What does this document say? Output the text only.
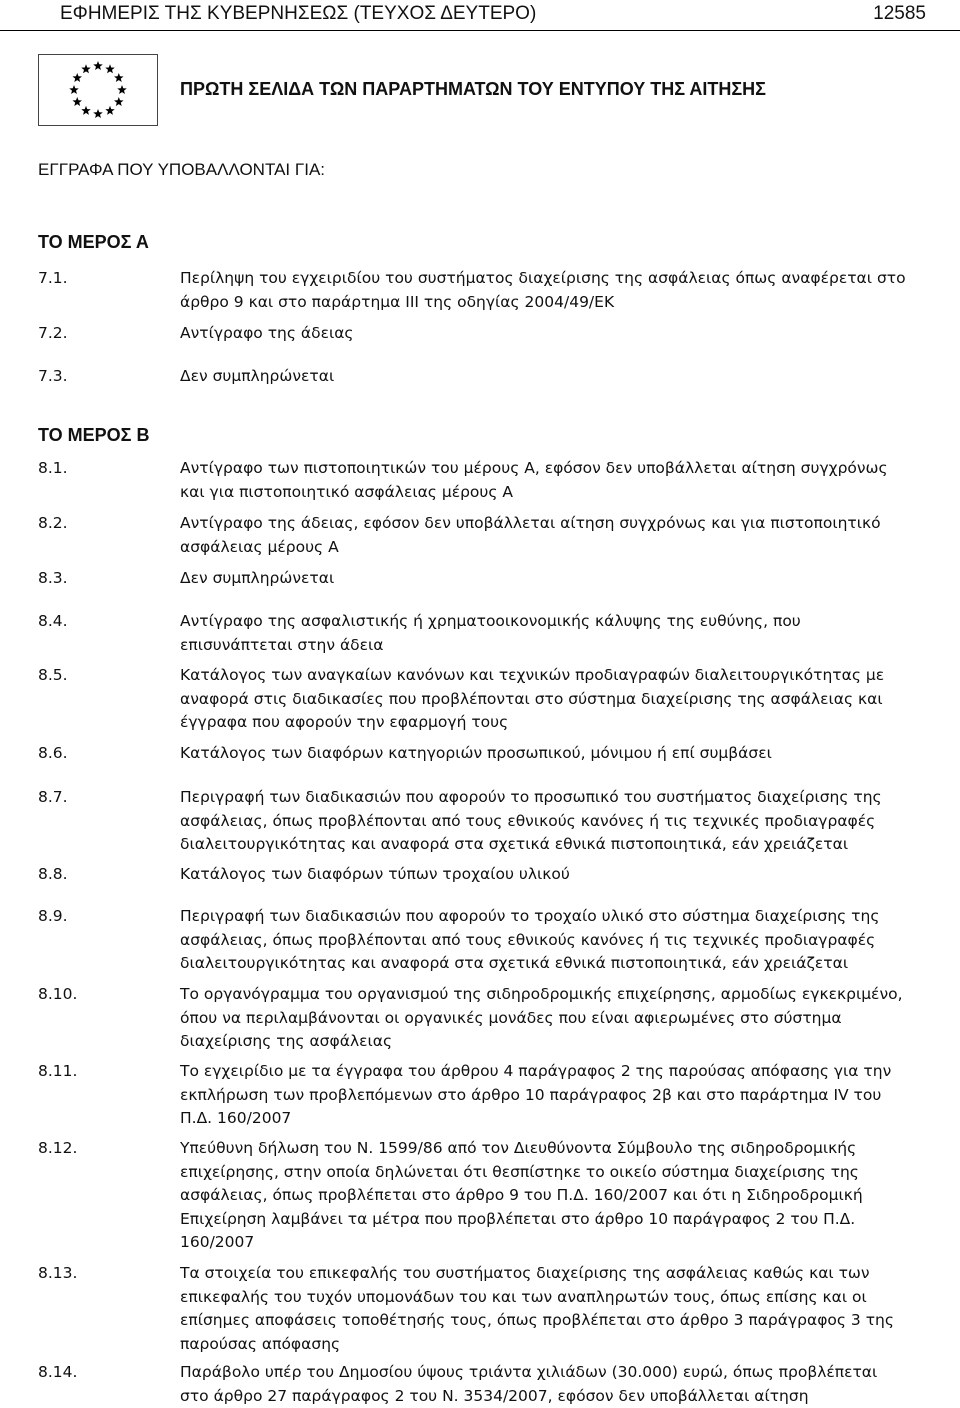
ΕΦΗΜΕΡΙΣ ΤΗΣ ΚΥΒΕΡΝΗΣΕΩΣ (ΤΕΥΧΟΣ ΔΕΥΤΕΡΟ)	12585
ΠΡΩΤΗ ΣΕΛΙΔΑ ΤΩΝ ΠΑΡΑΡΤΗΜΑΤΩΝ ΤΟΥ ΕΝΤΥΠΟΥ ΤΗΣ ΑΙΤΗΣΗΣ
ΕΓΓΡΑΦΑ ΠΟΥ ΥΠΟΒΑΛΛΟΝΤΑΙ ΓΙΑ:
ΤΟ ΜΕΡΟΣ Α
7.1.	Περίληψη του εγχειριδίου του συστήματος διαχείρισης της ασφάλειας όπως αναφέρεται στο
άρθρο 9 και στο παράρτημα ΙΙΙ της οδηγίας 2004/49/ΕΚ
7.2.	Αντίγραφο της άδειας
7.3.	Δεν συμπληρώνεται
ΤΟ ΜΕΡΟΣ Β
8.1.	Αντίγραφο των πιστοποιητικών του μέρους Α, εφόσον δεν υποβάλλεται αίτηση συγχρόνως
και για πιστοποιητικό ασφάλειας μέρους Α
8.2.	Αντίγραφο της άδειας, εφόσον δεν υποβάλλεται αίτηση συγχρόνως και για πιστοποιητικό
ασφάλειας μέρους Α
8.3.	Δεν συμπληρώνεται
8.4.	Αντίγραφο της ασφαλιστικής ή χρηματοοικονομικής κάλυψης της ευθύνης, που
επισυνάπτεται στην άδεια
8.5.	Κατάλογος των αναγκαίων κανόνων και τεχνικών προδιαγραφών διαλειτουργικότητας με
αναφορά στις διαδικασίες που προβλέπονται στο σύστημα διαχείρισης της ασφάλειας και
έγγραφα που αφορούν την εφαρμογή τους
8.6.	Κατάλογος των διαφόρων κατηγοριών προσωπικού, μόνιμου ή επί συμβάσει
8.7.	Περιγραφή των διαδικασιών που αφορούν το προσωπικό του συστήματος διαχείρισης της
ασφάλειας, όπως προβλέπονται από τους εθνικούς κανόνες ή τις τεχνικές προδιαγραφές
διαλειτουργικότητας και αναφορά στα σχετικά εθνικά πιστοποιητικά, εάν χρειάζεται
8.8.	Κατάλογος των διαφόρων τύπων τροχαίου υλικού
8.9.	Περιγραφή των διαδικασιών που αφορούν το τροχαίο υλικό στο σύστημα διαχείρισης της
ασφάλειας, όπως προβλέπονται από τους εθνικούς κανόνες ή τις τεχνικές προδιαγραφές
διαλειτουργικότητας και αναφορά στα σχετικά εθνικά πιστοποιητικά, εάν χρειάζεται
8.10.	Το οργανόγραμμα του οργανισμού της σιδηροδρομικής επιχείρησης, αρμοδίως εγκεκριμένο,
όπου να περιλαμβάνονται οι οργανικές μονάδες που είναι αφιερωμένες στο σύστημα
διαχείρισης της ασφάλειας
8.11.	Το εγχειρίδιο με τα έγγραφα του άρθρου 4 παράγραφος 2 της παρούσας απόφασης για την
εκπλήρωση των προβλεπόμενων στο άρθρο 10 παράγραφος 2β και στο παράρτημα IV του
Π.Δ. 160/2007
8.12.	Υπεύθυνη δήλωση του Ν. 1599/86 από τον Διευθύνοντα Σύμβουλο της σιδηροδρομικής
επιχείρησης, στην οποία δηλώνεται ότι θεσπίστηκε το οικείο σύστημα διαχείρισης της
ασφάλειας, όπως προβλέπεται στο άρθρο 9 του Π.Δ. 160/2007 και ότι η Σιδηροδρομική
Επιχείρηση λαμβάνει τα μέτρα που προβλέπεται στο άρθρο 10 παράγραφος 2 του Π.Δ.
160/2007
8.13.	Τα στοιχεία του επικεφαλής του συστήματος διαχείρισης της ασφάλειας καθώς και των
επικεφαλής του τυχόν υπομονάδων του και των αναπληρωτών τους, όπως επίσης και οι
επίσημες αποφάσεις τοποθέτησής τους, όπως προβλέπεται στο άρθρο 3 παράγραφος 3 της
παρούσας απόφασης
8.14.	Παράβολο υπέρ του Δημοσίου ύψους τριάντα χιλιάδων (30.000) ευρώ, όπως προβλέπεται
στο άρθρο 27 παράγραφος 2 του Ν. 3534/2007, εφόσον δεν υποβάλλεται αίτηση
